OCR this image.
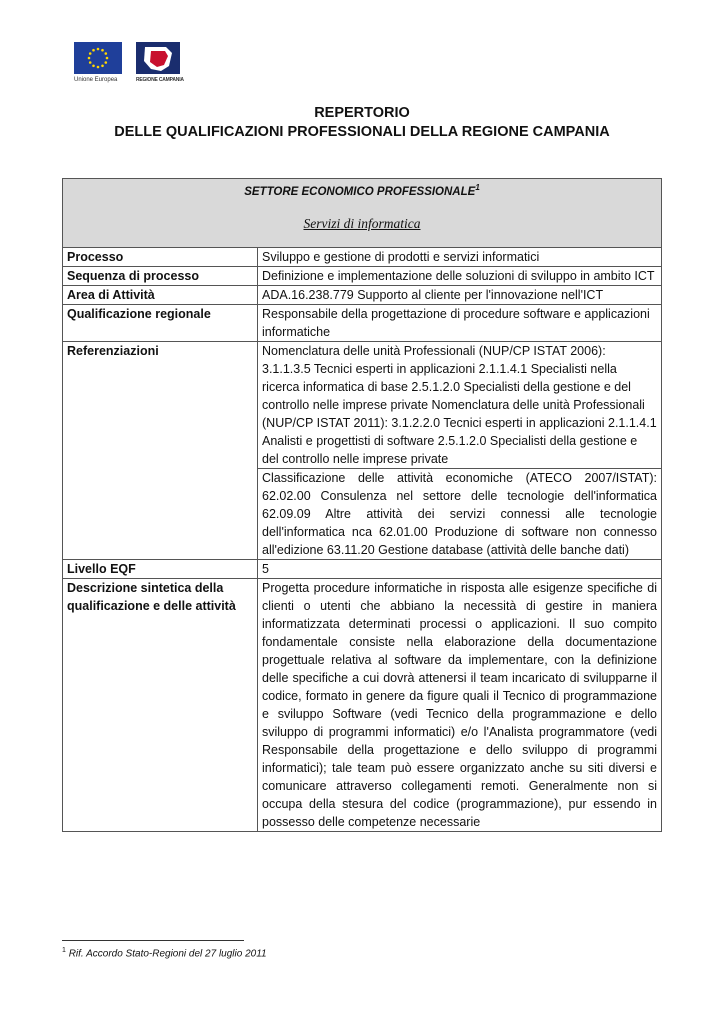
Unione Europea	REGIONE CAMPANIA
REPERTORIO
DELLE QUALIFICAZIONI PROFESSIONALI DELLA REGIONE CAMPANIA
SETTORE ECONOMICO PROFESSIONALE$^1$
Servizi di informatica	

Processo	Sviluppo e gestione di prodotti e servizi informatici
Sequenza di processo	Definizione e implementazione delle soluzioni di sviluppo in ambito ICT
Area di Attività	ADA.16.238.779 Supporto al cliente per l'innovazione nell'ICT
Qualificazione regionale	Responsabile della progettazione di procedure software e applicazioni informatiche
Referenziazioni	Nomenclatura delle unità Professionali (NUP/CP ISTAT 2006): 3.1.1.3.5 Tecnici esperti in applicazioni 2.1.1.4.1 Specialisti nella ricerca informatica di base 2.5.1.2.0 Specialisti della gestione e del controllo nelle imprese private Nomenclatura delle unità Professionali (NUP/CP ISTAT 2011): 3.1.2.2.0 Tecnici esperti in applicazioni 2.1.1.4.1 Analisti e progettisti di software 2.5.1.2.0 Specialisti della gestione e del controllo nelle imprese private
	Classificazione delle attività economiche (ATECO 2007/ISTAT): 62.02.00 Consulenza nel settore delle tecnologie dell'informatica 62.09.09 Altre attività dei servizi connessi alle tecnologie dell'informatica nca 62.01.00 Produzione di software non connesso all'edizione 63.11.20 Gestione database (attività delle banche dati)
Livello EQF	5
Descrizione sintetica della qualificazione e delle attività	Progetta procedure informatiche in risposta alle esigenze specifiche di clienti o utenti che abbiano la necessità di gestire in maniera informatizzata determinati processi o applicazioni. Il suo compito fondamentale consiste nella elaborazione della documentazione progettuale relativa al software da implementare, con la definizione delle specifiche a cui dovrà attenersi il team incaricato di svilupparne il codice, formato in genere da figure quali il Tecnico di programmazione e sviluppo Software (vedi Tecnico della programmazione e dello sviluppo di programmi informatici) e/o l'Analista programmatore (vedi Responsabile della progettazione e dello sviluppo di programmi informatici); tale team può essere organizzato anche su siti diversi e comunicare attraverso collegamenti remoti. Generalmente non si occupa della stesura del codice (programmazione), pur essendo in possesso delle competenze necessarie
$^1$ Rif. Accordo Stato-Regioni del 27 luglio 2011
